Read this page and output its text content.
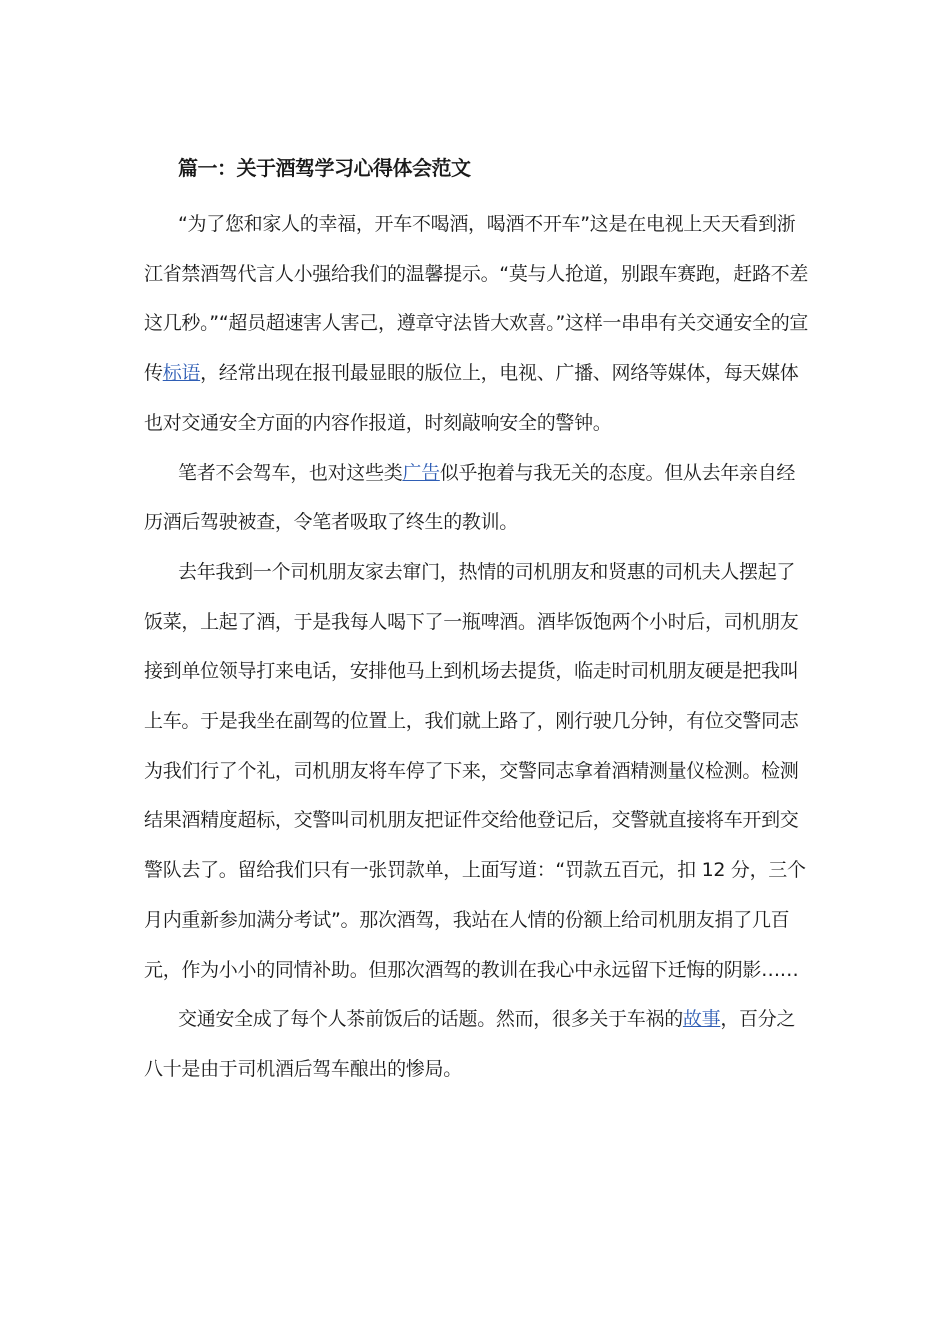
篇一：关于酒驾学习心得体会范文

“为了您和家人的幸福，开车不喝酒，喝酒不开车”这是在电视上天天看到浙江省禁酒驾代言人小强给我们的温馨提示。“莫与人抢道，别跟车赛跑，赶路不差这几秒。”“超员超速害人害己，遵章守法皆大欢喜。”这样一串串有关交通安全的宣传标语，经常出现在报刊最显眼的版位上，电视、广播、网络等媒体，每天媒体也对交通安全方面的内容作报道，时刻敲响安全的警钟。

笔者不会驾车，也对这些类广告似乎抱着与我无关的态度。但从去年亲自经历酒后驾驶被查，令笔者吸取了终生的教训。

去年我到一个司机朋友家去窜门，热情的司机朋友和贤惠的司机夫人摆起了饭菜，上起了酒，于是我每人喝下了一瓶啤酒。酒毕饭饱两个小时后，司机朋友接到单位领导打来电话，安排他马上到机场去提货，临走时司机朋友硬是把我叫上车。于是我坐在副驾的位置上，我们就上路了，刚行驶几分钟，有位交警同志为我们行了个礼，司机朋友将车停了下来，交警同志拿着酒精测量仪检测。检测结果酒精度超标，交警叫司机朋友把证件交给他登记后，交警就直接将车开到交警队去了。留给我们只有一张罚款单，上面写道：“罚款五百元，扣 12 分，三个月内重新参加满分考试”。那次酒驾，我站在人情的份额上给司机朋友捐了几百元，作为小小的同情补助。但那次酒驾的教训在我心中永远留下迁悔的阴影……

交通安全成了每个人茶前饭后的话题。然而，很多关于车祸的故事，百分之八十是由于司机酒后驾车酿出的惨局。
